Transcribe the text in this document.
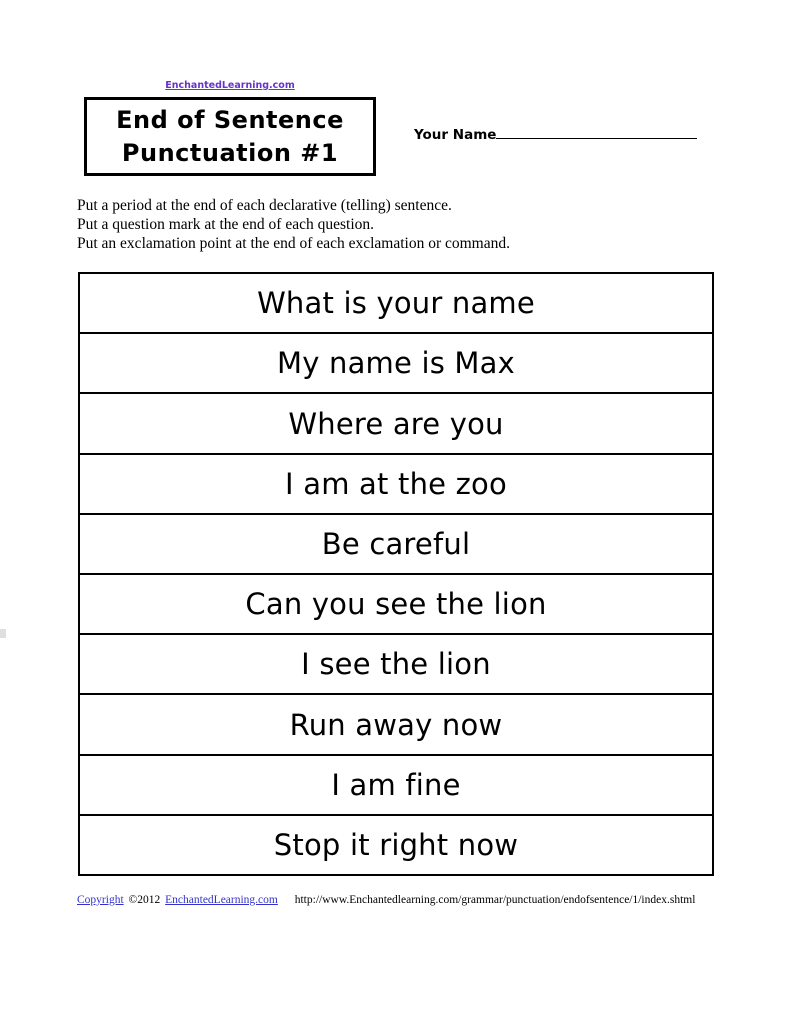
EnchantedLearning.com
End of Sentence
Punctuation #1
Your Name
Put a period at the end of each declarative (telling) sentence.
Put a question mark at the end of each question.
Put an exclamation point at the end of each exclamation or command.
What is your name
My name is Max
Where are you
I am at the zoo
Be careful
Can you see the lion
I see the lion
Run away now
I am fine
Stop it right now
Copyright ©2012 EnchantedLearning.com http://www.Enchantedlearning.com/grammar/punctuation/endofsentence/1/index.shtml
